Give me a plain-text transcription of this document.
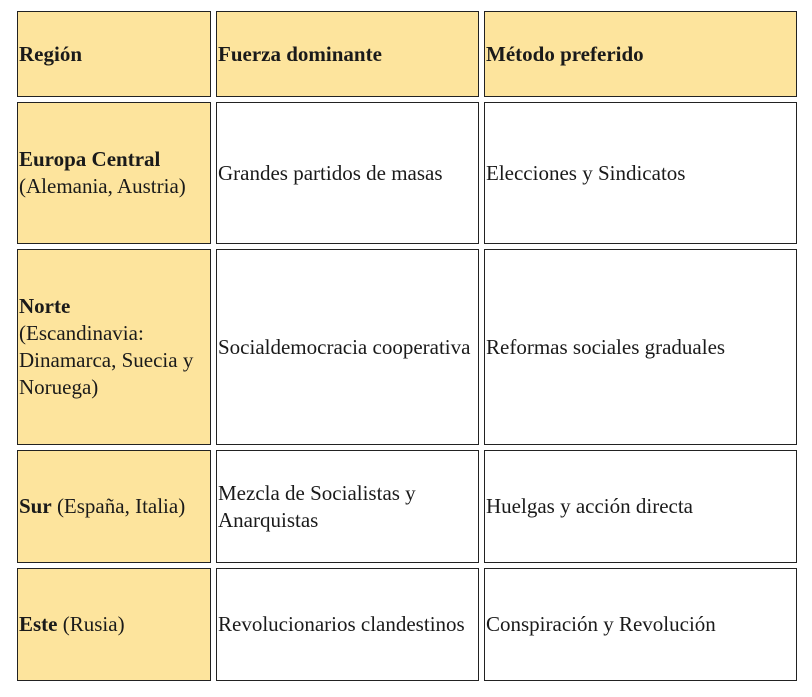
Región	Fuerza dominante	Método preferido
Europa Central
(Alemania, Austria)	Grandes partidos de masas	Elecciones y Sindicatos
Norte
(Escandinavia: Dinamarca, Suecia y Noruega)	Socialdemocracia cooperativa	Reformas sociales graduales
Sur (España, Italia)	Mezcla de Socialistas y Anarquistas	Huelgas y acción directa
Este (Rusia)	Revolucionarios clandestinos	Conspiración y Revolución
